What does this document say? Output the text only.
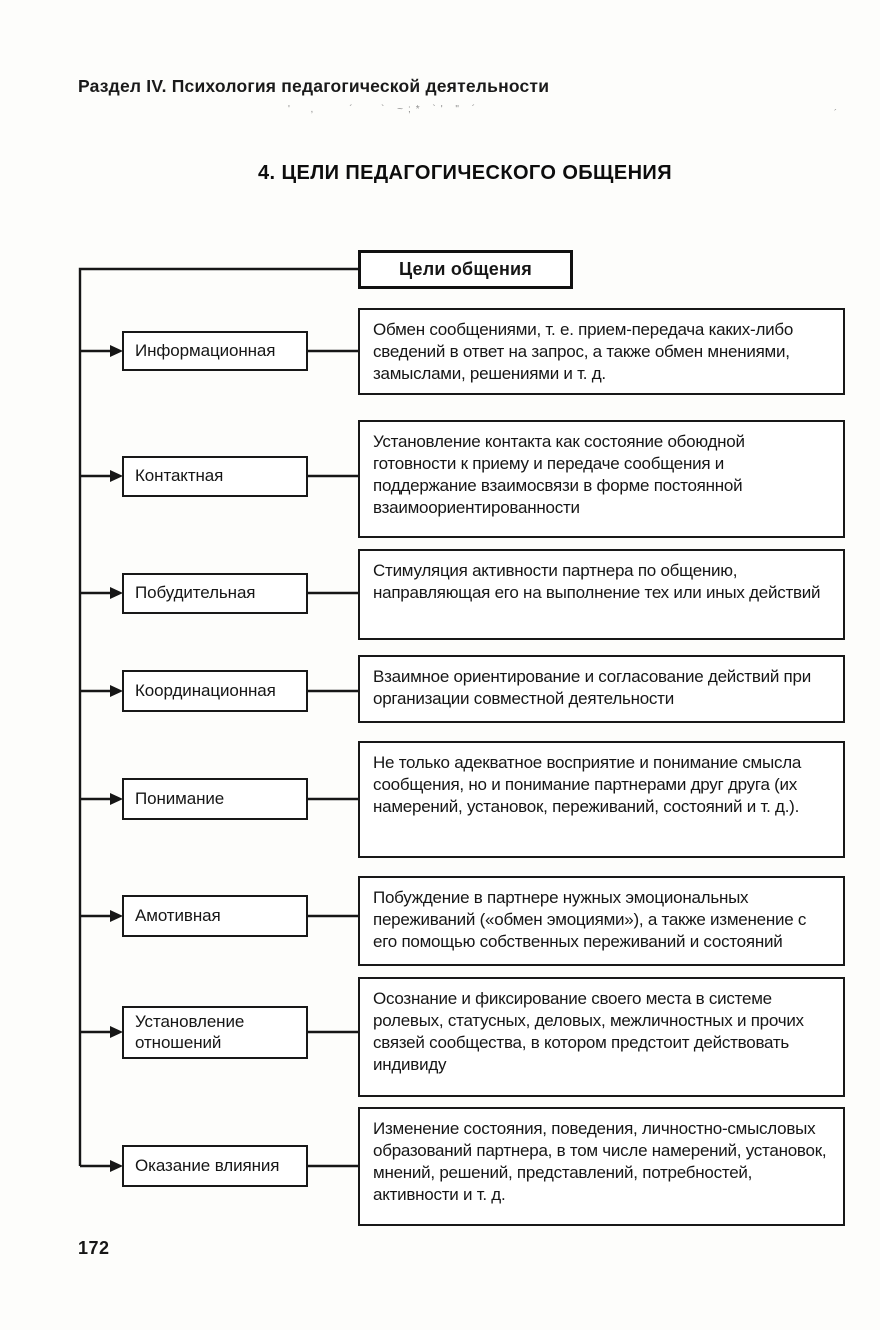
Раздел IV. Психология педагогической деятельности
'  ,    ´   ` ~;* `' " ´	´
4. ЦЕЛИ ПЕДАГОГИЧЕСКОГО ОБЩЕНИЯ
Цели общения
Информационная
Контактная
Побудительная
Координационная
Понимание
Амотивная
Установление отношений
Оказание влияния
Обмен сообщениями, т. е. прием-передача каких-либо сведений в ответ на запрос, а также обмен мнениями, замыслами, решениями и т. д.
Установление контакта как состояние обоюдной готовности к приему и передаче сообщения и поддержание взаимосвязи в форме постоянной взаимоориентированности
Стимуляция активности партнера по общению, направляющая его на выполнение тех или иных действий
Взаимное ориентирование и согласование действий при организации совместной деятельности
Не только адекватное восприятие и понимание смысла сообщения, но и понимание партнерами друг друга (их намерений, установок, переживаний, состояний и т. д.).
Побуждение в партнере нужных эмоциональных переживаний («обмен эмоциями»), а также изменение с его помощью собственных переживаний и состояний
Осознание и фиксирование своего места в системе ролевых, статусных, деловых, межличностных и прочих связей сообщества, в котором предстоит действовать индивиду
Изменение состояния, поведения, личностно-смысловых образований партнера, в том числе намерений, установок, мнений, решений, представлений, потребностей, активности и т. д.
172
